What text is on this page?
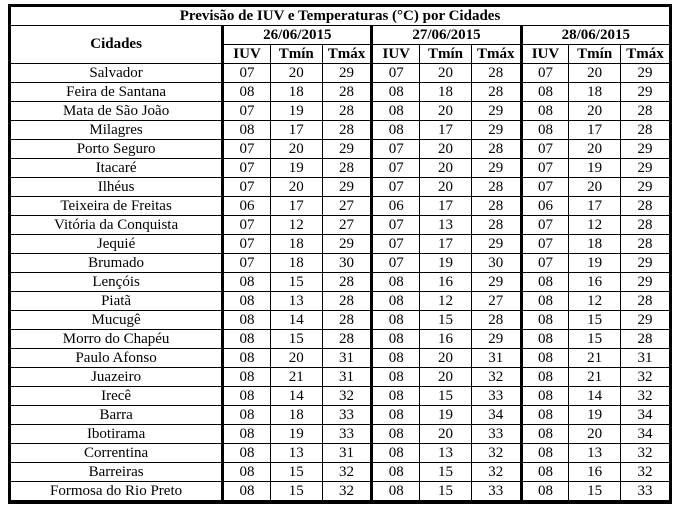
Previsão de IUV e Temperaturas (°C) por Cidades									
Cidades	26/06/2015			27/06/2015			28/06/2015		
	IUV	Tmín	Tmáx	IUV	Tmín	Tmáx	IUV	Tmín	Tmáx
Salvador	07	20	29	07	20	28	07	20	29
Feira de Santana	08	18	28	08	18	28	08	18	29
Mata de São João	07	19	28	08	20	29	08	20	28
Milagres	08	17	28	08	17	29	08	17	28
Porto Seguro	07	20	29	07	20	28	07	20	29
Itacaré	07	19	28	07	20	29	07	19	29
Ilhéus	07	20	29	07	20	28	07	20	29
Teixeira de Freitas	06	17	27	06	17	28	06	17	28
Vitória da Conquista	07	12	27	07	13	28	07	12	28
Jequié	07	18	29	07	17	29	07	18	28
Brumado	07	18	30	07	19	30	07	19	29
Lençóis	08	15	28	08	16	29	08	16	29
Piatã	08	13	28	08	12	27	08	12	28
Mucugê	08	14	28	08	15	28	08	15	29
Morro do Chapéu	08	15	28	08	16	29	08	15	28
Paulo Afonso	08	20	31	08	20	31	08	21	31
Juazeiro	08	21	31	08	20	32	08	21	32
Irecê	08	14	32	08	15	33	08	14	32
Barra	08	18	33	08	19	34	08	19	34
Ibotirama	08	19	33	08	20	33	08	20	34
Correntina	08	13	31	08	13	32	08	13	32
Barreiras	08	15	32	08	15	32	08	16	32
Formosa do Rio Preto	08	15	32	08	15	33	08	15	33
